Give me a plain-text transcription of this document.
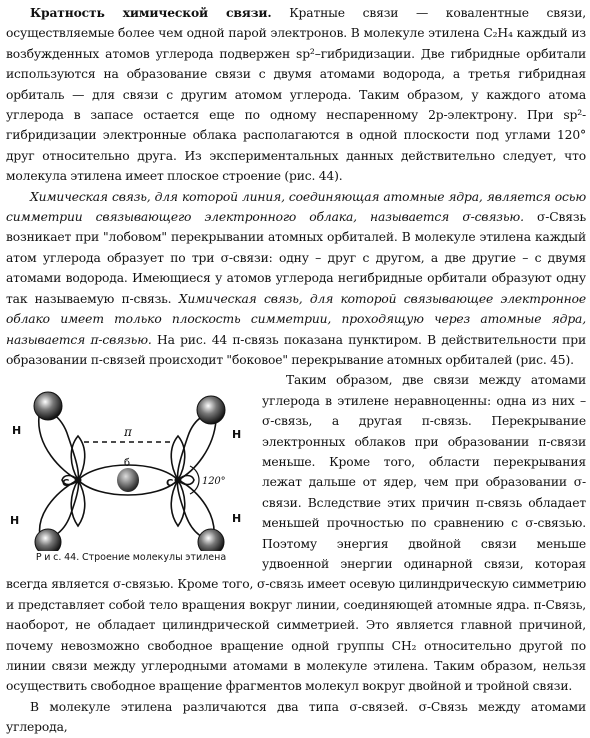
Кратность химической связи. Кратные связи — ковалентные связи, осуществляемые более чем одной парой электронов. В молекуле этилена C₂H₄ каждый из возбужденных атомов углерода подвержен sp²–гибридизации. Две гибридные орбитали используются на образование связи с двумя атомами водорода, а третья гибридная орбиталь — для связи с другим атомом углерода. Таким образом, у каждого атома углерода в запасе остается еще по одному неспаренному 2p-электрону. При sp²-гибридизации электронные облака располагаются в одной плоскости под углами 120° друг относительно друга. Из экспериментальных данных действительно следует, что молекула этилена имеет плоское строение (рис. 44).

Химическая связь, для которой линия, соединяющая атомные ядра, является осью симметрии связывающего электронного облака, называется σ-связью. σ-Связь возникает при "лобовом" перекрывании атомных орбиталей. В молекуле этилена каждый атом углерода образует по три σ-связи: одну – друг с другом, а две другие – с двумя атомами водорода. Имеющиеся у атомов углерода негибридные орбитали образуют одну так называемую π-связь. Химическая связь, для которой связывающее электронное облако имеет только плоскость симметрии, проходящую через атомные ядра, называется π-связью. На рис. 44 π-связь показана пунктиром. В действительности при образовании π-связей происходит "боковое" перекрывание атомных орбиталей (рис. 45).

H
H
H
H
C	C
π
б
120°
Р и с. 44. Строение молекулы этилена

Таким образом, две связи между атомами углерода в этилене неравноценны: одна из них – σ-связь, а другая π-связь. Перекрывание электронных облаков при образовании π-связи меньше. Кроме того, области перекрывания лежат дальше от ядер, чем при образовании σ-связи. Вследствие этих причин π-связь обладает меньшей прочностью по сравнению с σ-связью. Поэтому энергия двойной связи меньше удвоенной энергии одинарной связи, которая всегда является σ-связью. Кроме того, σ-связь имеет осевую цилиндрическую симметрию и представляет собой тело вращения вокруг линии, соединяющей атомные ядра. π-Связь, наоборот, не обладает цилиндрической симметрией. Это является главной причиной, почему невозможно свободное вращение одной группы CH₂ относительно другой по линии связи между углеродными атомами в молекуле этилена. Таким образом, нельзя осуществить свободное вращение фрагментов молекул вокруг двойной и тройной связи.

В молекуле этилена различаются два типа σ-связей. σ-Связь между атомами углерода,
